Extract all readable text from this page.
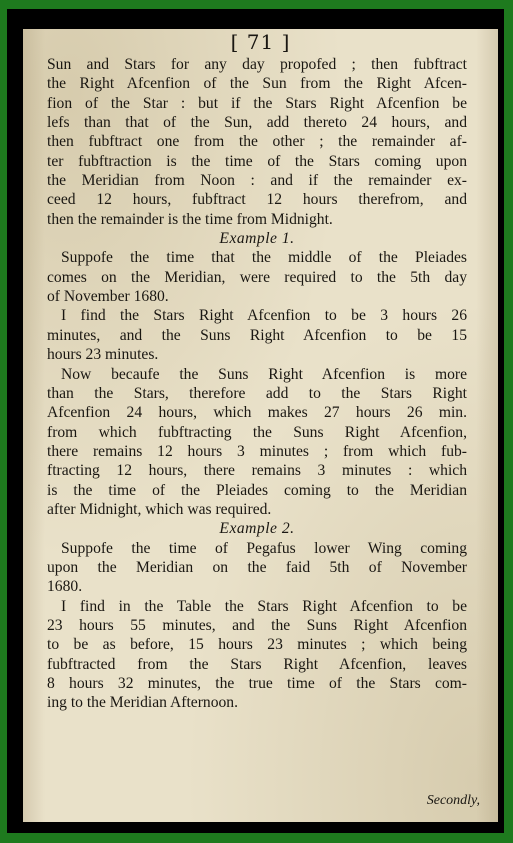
[ 71 ]
Sun and Stars for any day propofed ; then fubftract
the Right Afcenfion of the Sun from the Right Afcen-
fion of the Star : but if the Stars Right Afcenfion be
lefs than that of the Sun, add thereto 24 hours, and
then fubftract one from the other ; the remainder af-
ter fubftraction is the time of the Stars coming upon
the Meridian from Noon : and if the remainder ex-
ceed 12 hours, fubftract 12 hours therefrom, and
then the remainder is the time from Midnight.
Example 1.
Suppofe the time that the middle of the Pleiades
comes on the Meridian, were required to the 5th day
of November 1680.
I find the Stars Right Afcenfion to be 3 hours 26
minutes, and the Suns Right Afcenfion to be 15
hours 23 minutes.
Now becaufe the Suns Right Afcenfion is more
than the Stars, therefore add to the Stars Right
Afcenfion 24 hours, which makes 27 hours 26 min.
from which fubftracting the Suns Right Afcenfion,
there remains 12 hours 3 minutes ; from which fub-
ftracting 12 hours, there remains 3 minutes : which
is the time of the Pleiades coming to the Meridian
after Midnight, which was required.
Example 2.
Suppofe the time of Pegafus lower Wing coming
upon the Meridian on the faid 5th of November
1680.
I find in the Table the Stars Right Afcenfion to be
23 hours 55 minutes, and the Suns Right Afcenfion
to be as before, 15 hours 23 minutes ; which being
fubftracted from the Stars Right Afcenfion, leaves
8 hours 32 minutes, the true time of the Stars com-
ing to the Meridian Afternoon.
Secondly,
